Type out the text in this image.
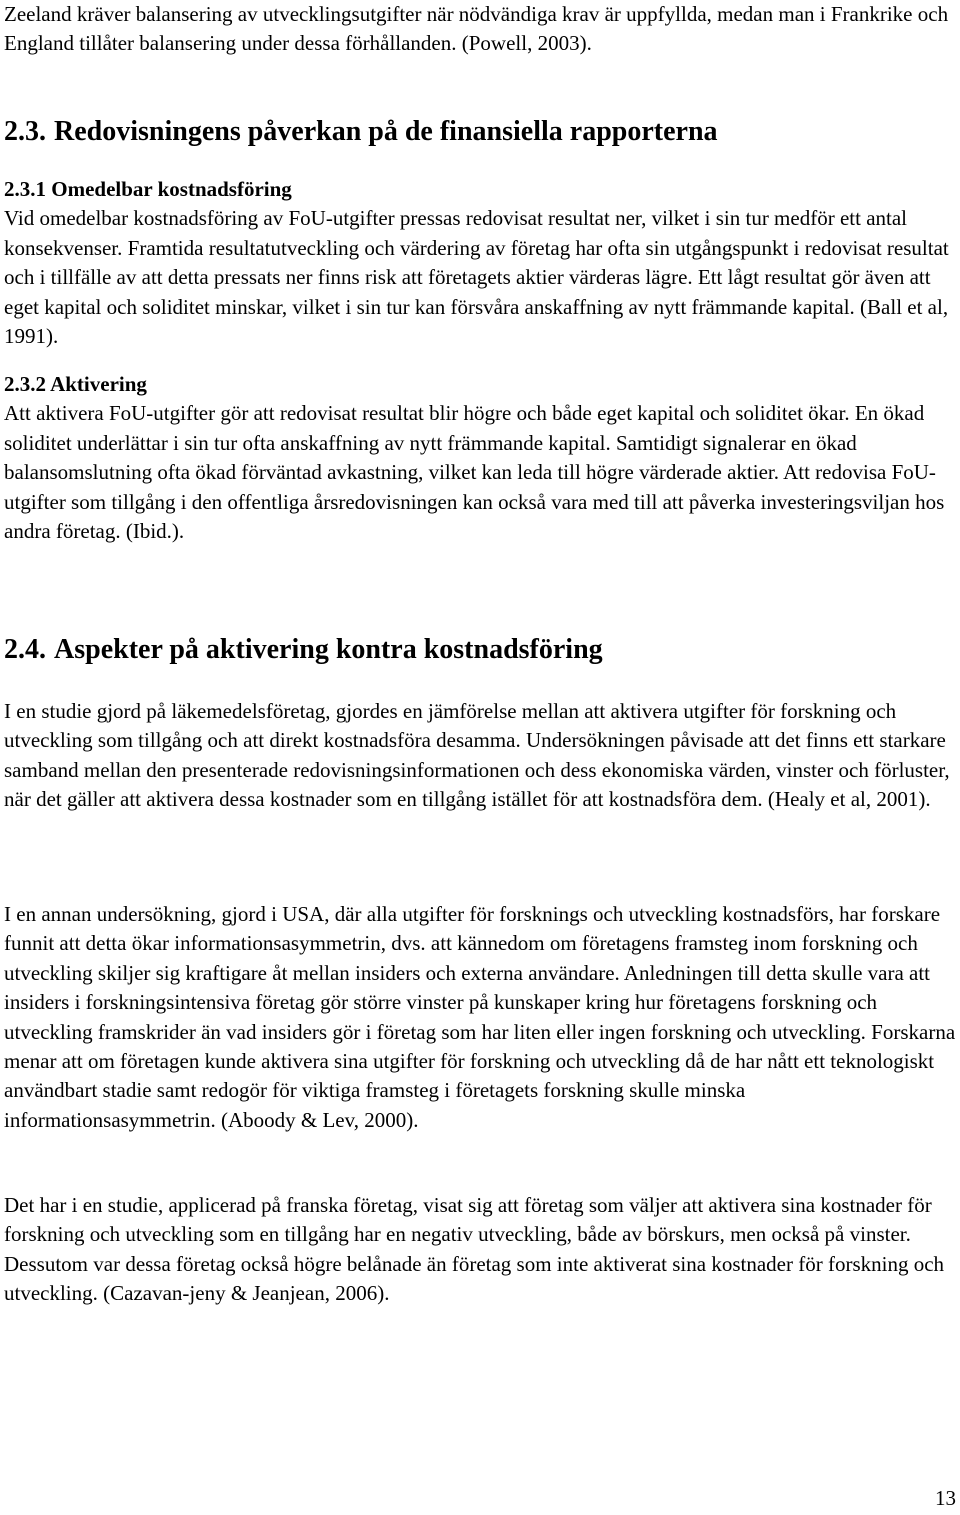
Zeeland kräver balansering av utvecklingsutgifter när nödvändiga krav är uppfyllda, medan man i Frankrike och England tillåter balansering under dessa förhållanden. (Powell, 2003).

2.3. Redovisningens påverkan på de finansiella rapporterna
2.3.1 Omedelbar kostnadsföring

Vid omedelbar kostnadsföring av FoU-utgifter pressas redovisat resultat ner, vilket i sin tur medför ett antal konsekvenser. Framtida resultatutveckling och värdering av företag har ofta sin utgångspunkt i redovisat resultat och i tillfälle av att detta pressats ner finns risk att företagets aktier värderas lägre. Ett lågt resultat gör även att eget kapital och soliditet minskar, vilket i sin tur kan försvåra anskaffning av nytt främmande kapital. (Ball et al, 1991).

2.3.2 Aktivering

Att aktivera FoU-utgifter gör att redovisat resultat blir högre och både eget kapital och soliditet ökar. En ökad soliditet underlättar i sin tur ofta anskaffning av nytt främmande kapital. Samtidigt signalerar en ökad balansomslutning ofta ökad förväntad avkastning, vilket kan leda till högre värderade aktier. Att redovisa FoU-utgifter som tillgång i den offentliga årsredovisningen kan också vara med till att påverka investeringsviljan hos andra företag. (Ibid.).

2.4. Aspekter på aktivering kontra kostnadsföring

I en studie gjord på läkemedelsföretag, gjordes en jämförelse mellan att aktivera utgifter för forskning och utveckling som tillgång och att direkt kostnadsföra desamma. Undersökningen påvisade att det finns ett starkare samband mellan den presenterade redovisningsinformationen och dess ekonomiska värden, vinster och förluster, när det gäller att aktivera dessa kostnader som en tillgång istället för att kostnadsföra dem. (Healy et al, 2001).

I en annan undersökning, gjord i USA, där alla utgifter för forsknings och utveckling kostnadsförs, har forskare funnit att detta ökar informationsasymmetrin, dvs. att kännedom om företagens framsteg inom forskning och utveckling skiljer sig kraftigare åt mellan insiders och externa användare. Anledningen till detta skulle vara att insiders i forskningsintensiva företag gör större vinster på kunskaper kring hur företagens forskning och utveckling framskrider än vad insiders gör i företag som har liten eller ingen forskning och utveckling. Forskarna menar att om företagen kunde aktivera sina utgifter för forskning och utveckling då de har nått ett teknologiskt användbart stadie samt redogör för viktiga framsteg i företagets forskning skulle minska informationsasymmetrin. (Aboody & Lev, 2000).

Det har i en studie, applicerad på franska företag, visat sig att företag som väljer att aktivera sina kostnader för forskning och utveckling som en tillgång har en negativ utveckling, både av börskurs, men också på vinster. Dessutom var dessa företag också högre belånade än företag som inte aktiverat sina kostnader för forskning och utveckling. (Cazavan-jeny & Jeanjean, 2006).

13
